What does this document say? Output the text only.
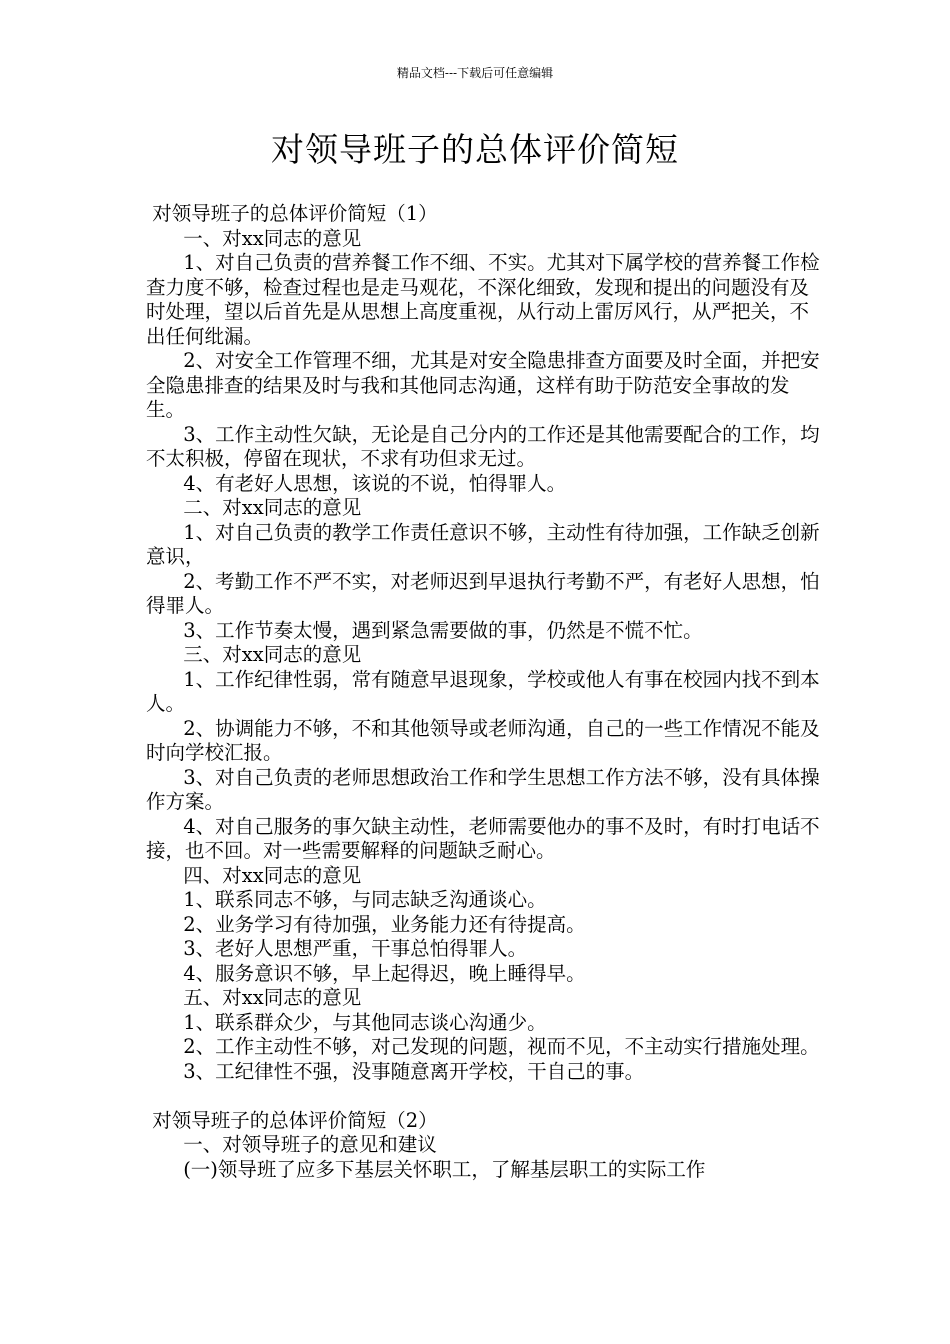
精品文档---下载后可任意编辑
对领导班子的总体评价简短

对领导班子的总体评价简短（1）

一、对xx同志的意见

1、对自己负责的营养餐工作不细、不实。尤其对下属学校的营养餐工作检查力度不够，检查过程也是走马观花，不深化细致，发现和提出的问题没有及时处理，望以后首先是从思想上高度重视，从行动上雷厉风行，从严把关，不出任何纰漏。

2、对安全工作管理不细，尤其是对安全隐患排查方面要及时全面，并把安全隐患排查的结果及时与我和其他同志沟通，这样有助于防范安全事故的发生。

3、工作主动性欠缺，无论是自己分内的工作还是其他需要配合的工作，均不太积极，停留在现状，不求有功但求无过。

4、有老好人思想，该说的不说，怕得罪人。

二、对xx同志的意见

1、对自己负责的教学工作责任意识不够，主动性有待加强，工作缺乏创新意识，

2、考勤工作不严不实，对老师迟到早退执行考勤不严，有老好人思想，怕得罪人。

3、工作节奏太慢，遇到紧急需要做的事，仍然是不慌不忙。

三、对xx同志的意见

1、工作纪律性弱，常有随意早退现象，学校或他人有事在校园内找不到本人。

2、协调能力不够，不和其他领导或老师沟通，自己的一些工作情况不能及时向学校汇报。

3、对自己负责的老师思想政治工作和学生思想工作方法不够，没有具体操作方案。

4、对自己服务的事欠缺主动性，老师需要他办的事不及时，有时打电话不接，也不回。对一些需要解释的问题缺乏耐心。

四、对xx同志的意见

1、联系同志不够，与同志缺乏沟通谈心。

2、业务学习有待加强，业务能力还有待提高。

3、老好人思想严重，干事总怕得罪人。

4、服务意识不够，早上起得迟，晚上睡得早。

五、对xx同志的意见

1、联系群众少，与其他同志谈心沟通少。

2、工作主动性不够，对己发现的问题，视而不见，不主动实行措施处理。

3、工纪律性不强，没事随意离开学校，干自己的事。

对领导班子的总体评价简短（2）

一、对领导班子的意见和建议

(一)领导班了应多下基层关怀职工，了解基层职工的实际工作
